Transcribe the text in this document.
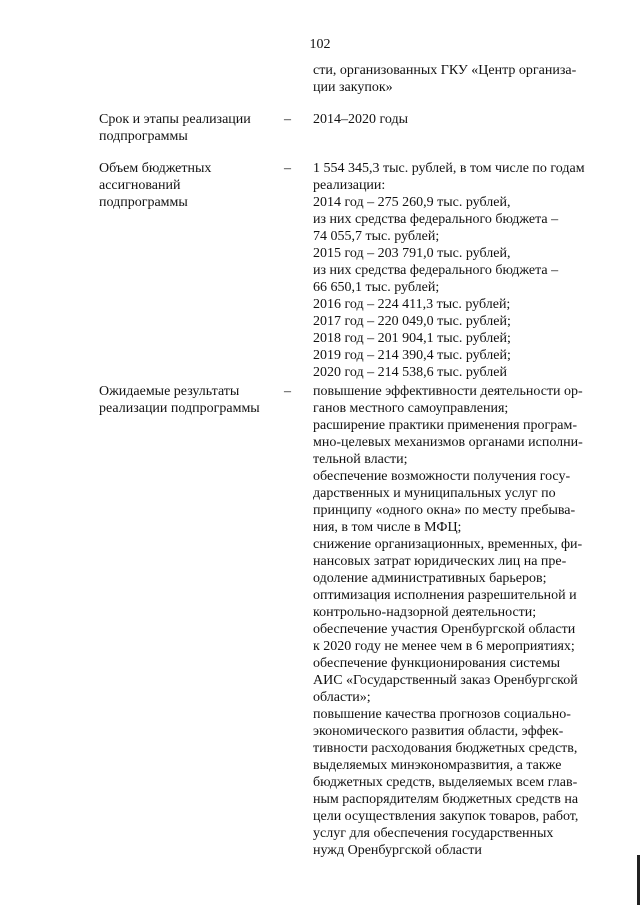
102
сти, организованных ГКУ «Центр организа-
ции закупок»
Срок и этапы реализации
подпрограммы
–	2014–2020 годы
Объем бюджетных
ассигнований
подпрограммы
–	1 554 345,3 тыс. рублей, в том числе по годам
реализации:
2014 год – 275 260,9 тыс. рублей,
из них средства федерального бюджета –
74 055,7 тыс. рублей;
2015 год – 203 791,0 тыс. рублей,
из них средства федерального бюджета –
66 650,1 тыс. рублей;
2016 год – 224 411,3 тыс. рублей;
2017 год – 220 049,0 тыс. рублей;
2018 год – 201 904,1 тыс. рублей;
2019 год – 214 390,4 тыс. рублей;
2020 год – 214 538,6 тыс. рублей
Ожидаемые результаты
реализации подпрограммы
–	повышение эффективности деятельности ор-
ганов местного самоуправления;
расширение практики применения програм-
мно-целевых механизмов органами исполни-
тельной власти;
обеспечение возможности получения госу-
дарственных и муниципальных услуг по
принципу «одного окна» по месту пребыва-
ния, в том числе в МФЦ;
снижение организационных, временных, фи-
нансовых затрат юридических лиц на пре-
одоление административных барьеров;
оптимизация исполнения разрешительной и
контрольно-надзорной деятельности;
обеспечение участия Оренбургской области
к 2020 году не менее чем в 6 мероприятиях;
обеспечение функционирования системы
АИС «Государственный заказ Оренбургской
области»;
повышение качества прогнозов социально-
экономического развития области, эффек-
тивности расходования бюджетных средств,
выделяемых минэкономразвития, а также
бюджетных средств, выделяемых всем глав-
ным распорядителям бюджетных средств на
цели осуществления закупок товаров, работ,
услуг для обеспечения государственных
нужд Оренбургской области
